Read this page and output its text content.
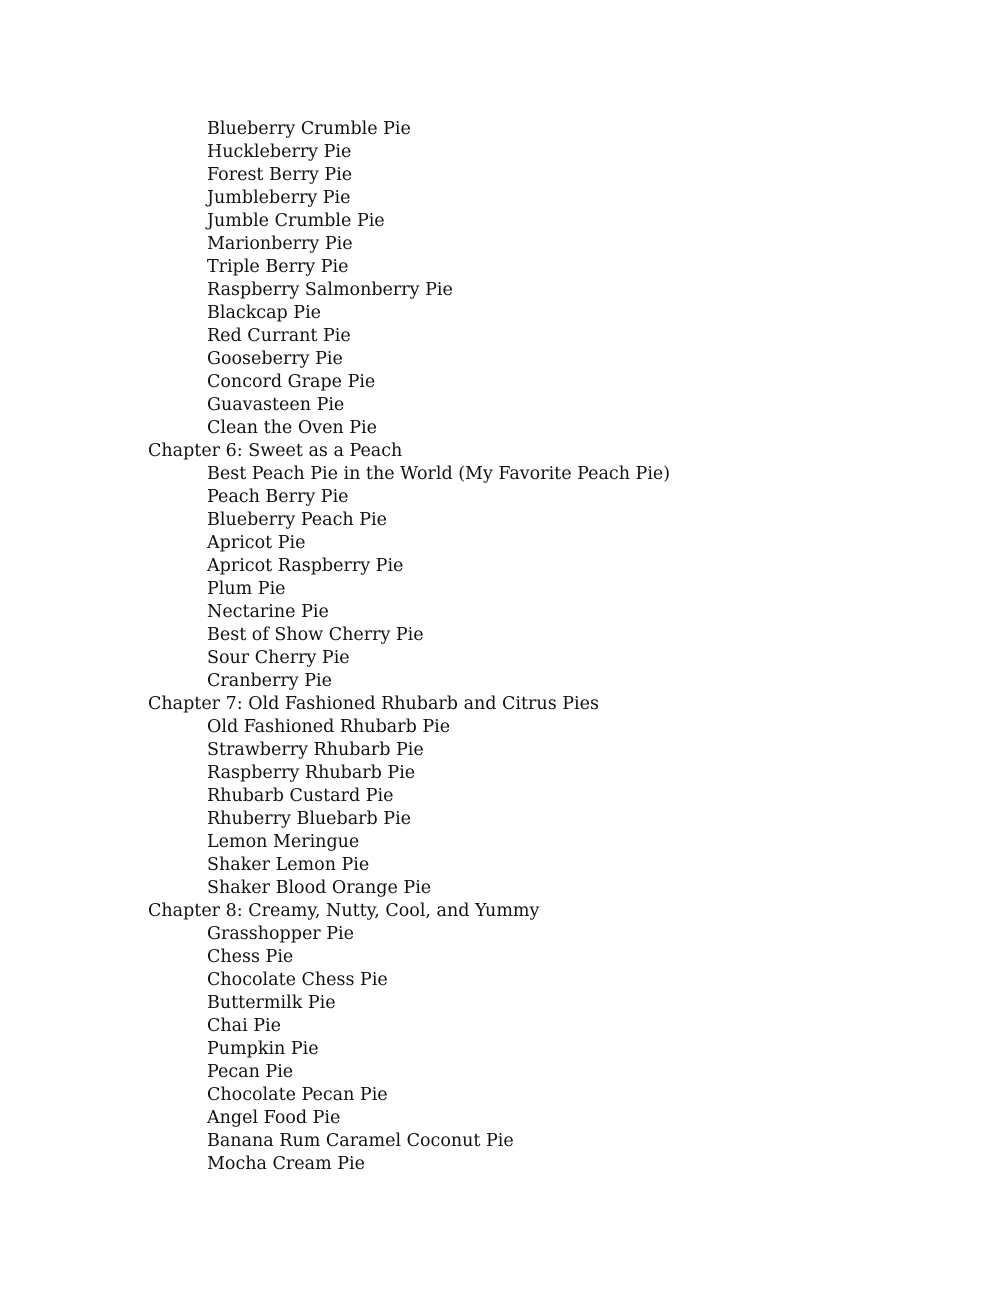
Blueberry Crumble Pie
Huckleberry Pie
Forest Berry Pie
Jumbleberry Pie
Jumble Crumble Pie
Marionberry Pie
Triple Berry Pie
Raspberry Salmonberry Pie
Blackcap Pie
Red Currant Pie
Gooseberry Pie
Concord Grape Pie
Guavasteen Pie
Clean the Oven Pie
Chapter 6: Sweet as a Peach
Best Peach Pie in the World (My Favorite Peach Pie)
Peach Berry Pie
Blueberry Peach Pie
Apricot Pie
Apricot Raspberry Pie
Plum Pie
Nectarine Pie
Best of Show Cherry Pie
Sour Cherry Pie
Cranberry Pie
Chapter 7: Old Fashioned Rhubarb and Citrus Pies
Old Fashioned Rhubarb Pie
Strawberry Rhubarb Pie
Raspberry Rhubarb Pie
Rhubarb Custard Pie
Rhuberry Bluebarb Pie
Lemon Meringue
Shaker Lemon Pie
Shaker Blood Orange Pie
Chapter 8: Creamy, Nutty, Cool, and Yummy
Grasshopper Pie
Chess Pie
Chocolate Chess Pie
Buttermilk Pie
Chai Pie
Pumpkin Pie
Pecan Pie
Chocolate Pecan Pie
Angel Food Pie
Banana Rum Caramel Coconut Pie
Mocha Cream Pie
